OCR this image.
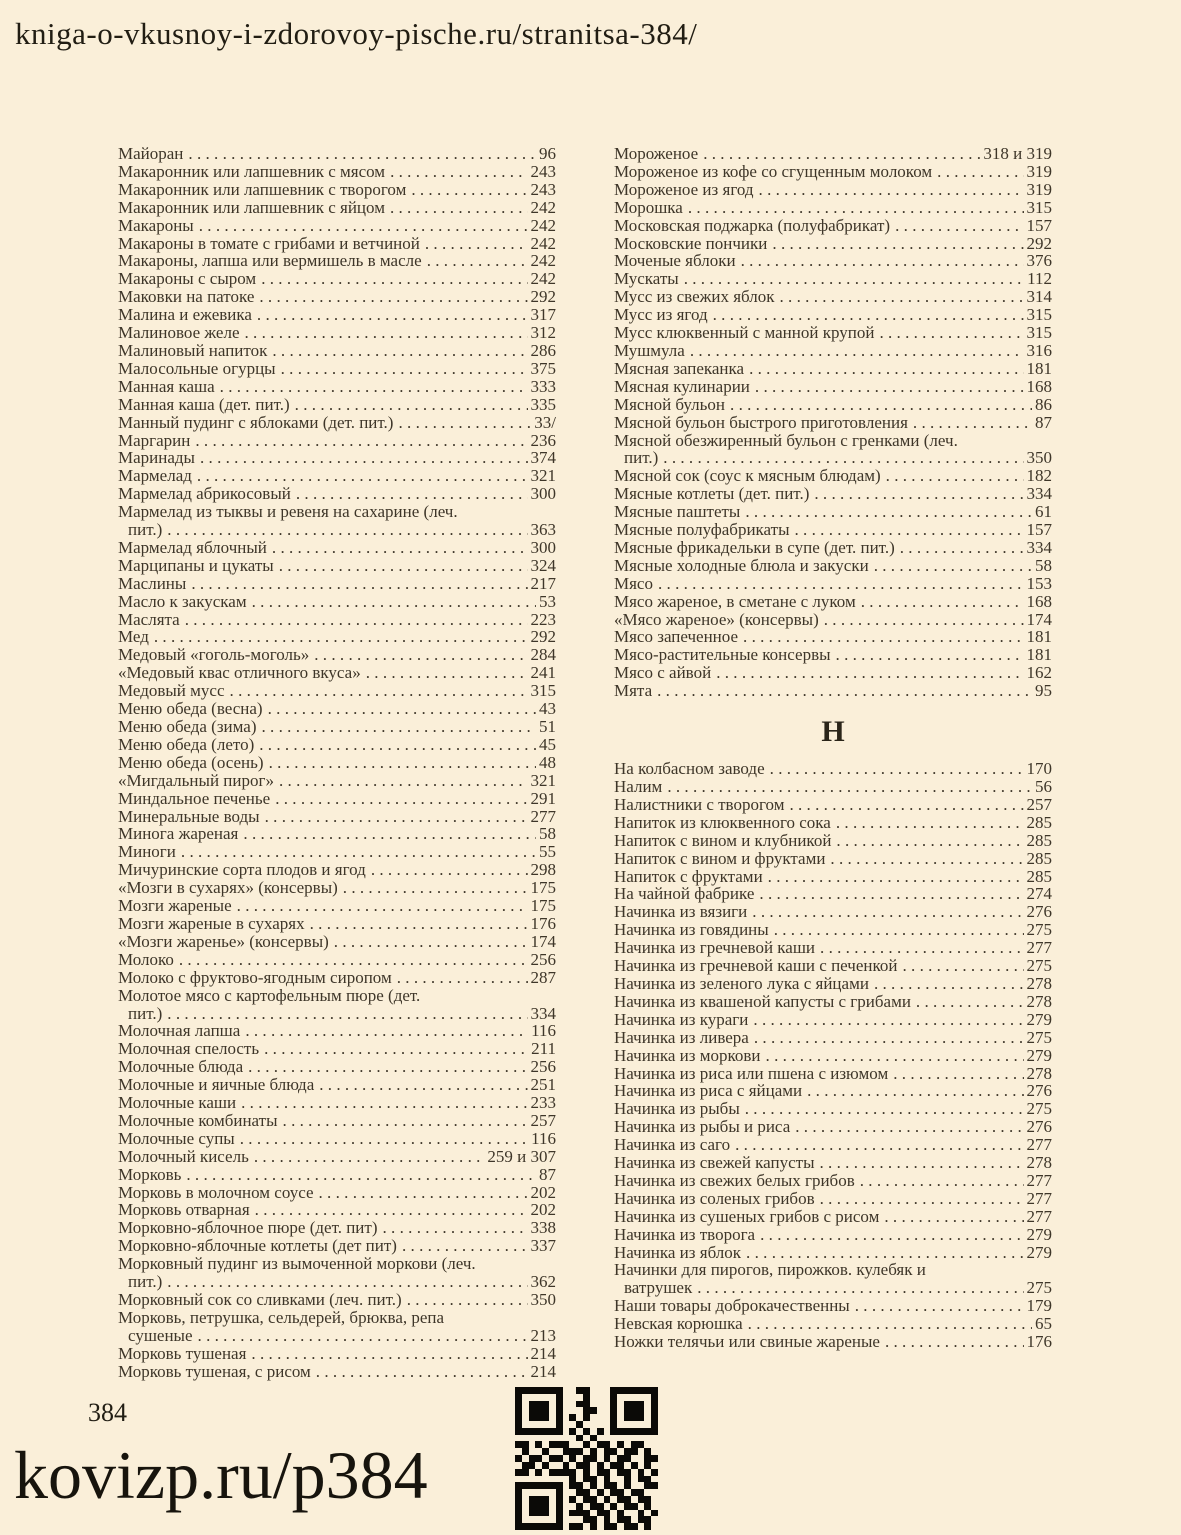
kniga-o-vkusnoy-i-zdorovoy-pische.ru/stranitsa-384/
Майоран .....	96
Макаронник или лапшевник с мясом .....	243
Макаронник или лапшевник с творогом .....	243
Макаронник или лапшевник с яйцом .....	242
Макароны .....	242
Макароны в томате с грибами и ветчиной .....	242
Макароны, лапша или вермишель в масле .....	242
Макароны с сыром .....	242
Маковки на патоке .....	292
Малина и ежевика .....	317
Малиновое желе .....	312
Малиновый напиток .....	286
Малосольные огурцы .....	375
Манная каша .....	333
Манная каша (дет. пит.) .....	335
Манный пудинг с яблоками (дет. пит.) .....	33/
Маргарин .....	236
Маринады .....	374
Мармелад .....	321
Мармелад абрикосовый .....	300
Мармелад из тыквы и ревеня на сахарине (леч.
пит.) .....	363
Мармелад яблочный .....	300
Марципаны и цукаты .....	324
Маслины .....	217
Масло к закускам .....	53
Маслята .....	223
Мед .....	292
Медовый «гоголь-моголь» .....	284
«Медовый квас отличного вкуса» .....	241
Медовый мусс .....	315
Меню обеда (весна) .....	43
Меню обеда (зима) .....	51
Меню обеда (лето) .....	45
Меню обеда (осень) .....	48
«Мигдальный пирог» .....	321
Миндальное печенье .....	291
Минеральные воды .....	277
Минога жареная .....	58
Миноги .....	55
Мичуринские сорта плодов и ягод .....	298
«Мозги в сухарях» (консервы) .....	175
Мозги жареные .....	175
Мозги жареные в сухарях .....	176
«Мозги жаренье» (консервы) .....	174
Молоко .....	256
Молоко с фруктово-ягодным сиропом .....	287
Молотое мясо с картофельным пюре (дет.
пит.) .....	334
Молочная лапша .....	116
Молочная спелость .....	211
Молочные блюда .....	256
Молочные и яичные блюда .....	251
Молочные каши .....	233
Молочные комбинаты .....	257
Молочные супы .....	116
Молочный кисель .....	259 и 307
Морковь .....	87
Морковь в молочном соусе .....	202
Морковь отварная .....	202
Морковно-яблочное пюре (дет. пит) .....	338
Морковно-яблочные котлеты (дет пит) .....	337
Морковный пудинг из вымоченной моркови (леч.
пит.) .....	362
Морковный сок со сливками (леч. пит.) .....	350
Морковь, петрушка, сельдерей, брюква, репа
сушеные .....	213
Морковь тушеная .....	214
Морковь тушеная, с рисом .....	214
Мороженое .....	318 и 319
Мороженое из кофе со сгущенным молоком .....	319
Мороженое из ягод .....	319
Морошка .....	315
Московская поджарка (полуфабрикат) .....	157
Московские пончики .....	292
Моченые яблоки .....	376
Мускаты .....	112
Мусс из свежих яблок .....	314
Мусс из ягод .....	315
Мусс клюквенный с манной крупой .....	315
Мушмула .....	316
Мясная запеканка .....	181
Мясная кулинарии .....	168
Мясной бульон .....	86
Мясной бульон быстрого приготовления .....	87
Мясной обезжиренный бульон с гренками (леч.
пит.) .....	350
Мясной сок (соус к мясным блюдам) .....	182
Мясные котлеты (дет. пит.) .....	334
Мясные паштеты .....	61
Мясные полуфабрикаты .....	157
Мясные фрикадельки в супе (дет. пит.) .....	334
Мясные холодные блюла и закуски .....	58
Мясо .....	153
Мясо жареное, в сметане с луком .....	168
«Мясо жареное» (консервы) .....	174
Мясо запеченное .....	181
Мясо-растительные консервы .....	181
Мясо с айвой .....	162
Мята .....	95
Н
На колбасном заводе .....	170
Налим .....	56
Налистники с творогом .....	257
Напиток из клюквенного сока .....	285
Напиток с вином и клубникой .....	285
Напиток с вином и фруктами .....	285
Напиток с фруктами .....	285
На чайной фабрике .....	274
Начинка из вязиги .....	276
Начинка из говядины .....	275
Начинка из гречневой каши .....	277
Начинка из гречневой каши с печенкой .....	275
Начинка из зеленого лука с яйцами .....	278
Начинка из квашеной капусты с грибами .....	278
Начинка из кураги .....	279
Начинка из ливера .....	275
Начинка из моркови .....	279
Начинка из риса или пшена с изюмом .....	278
Начинка из риса с яйцами .....	276
Начинка из рыбы .....	275
Начинка из рыбы и риса .....	276
Начинка из саго .....	277
Начинка из свежей капусты .....	278
Начинка из свежих белых грибов .....	277
Начинка из соленых грибов .....	277
Начинка из сушеных грибов с рисом .....	277
Начинка из творога .....	279
Начинка из яблок .....	279
Начинки для пирогов, пирожков. кулебяк и
ватрушек .....	275
Наши товары доброкачественны .....	179
Невская корюшка .....	65
Ножки телячьи или свиные жареные .....	176
384
kovizp.ru/p384
